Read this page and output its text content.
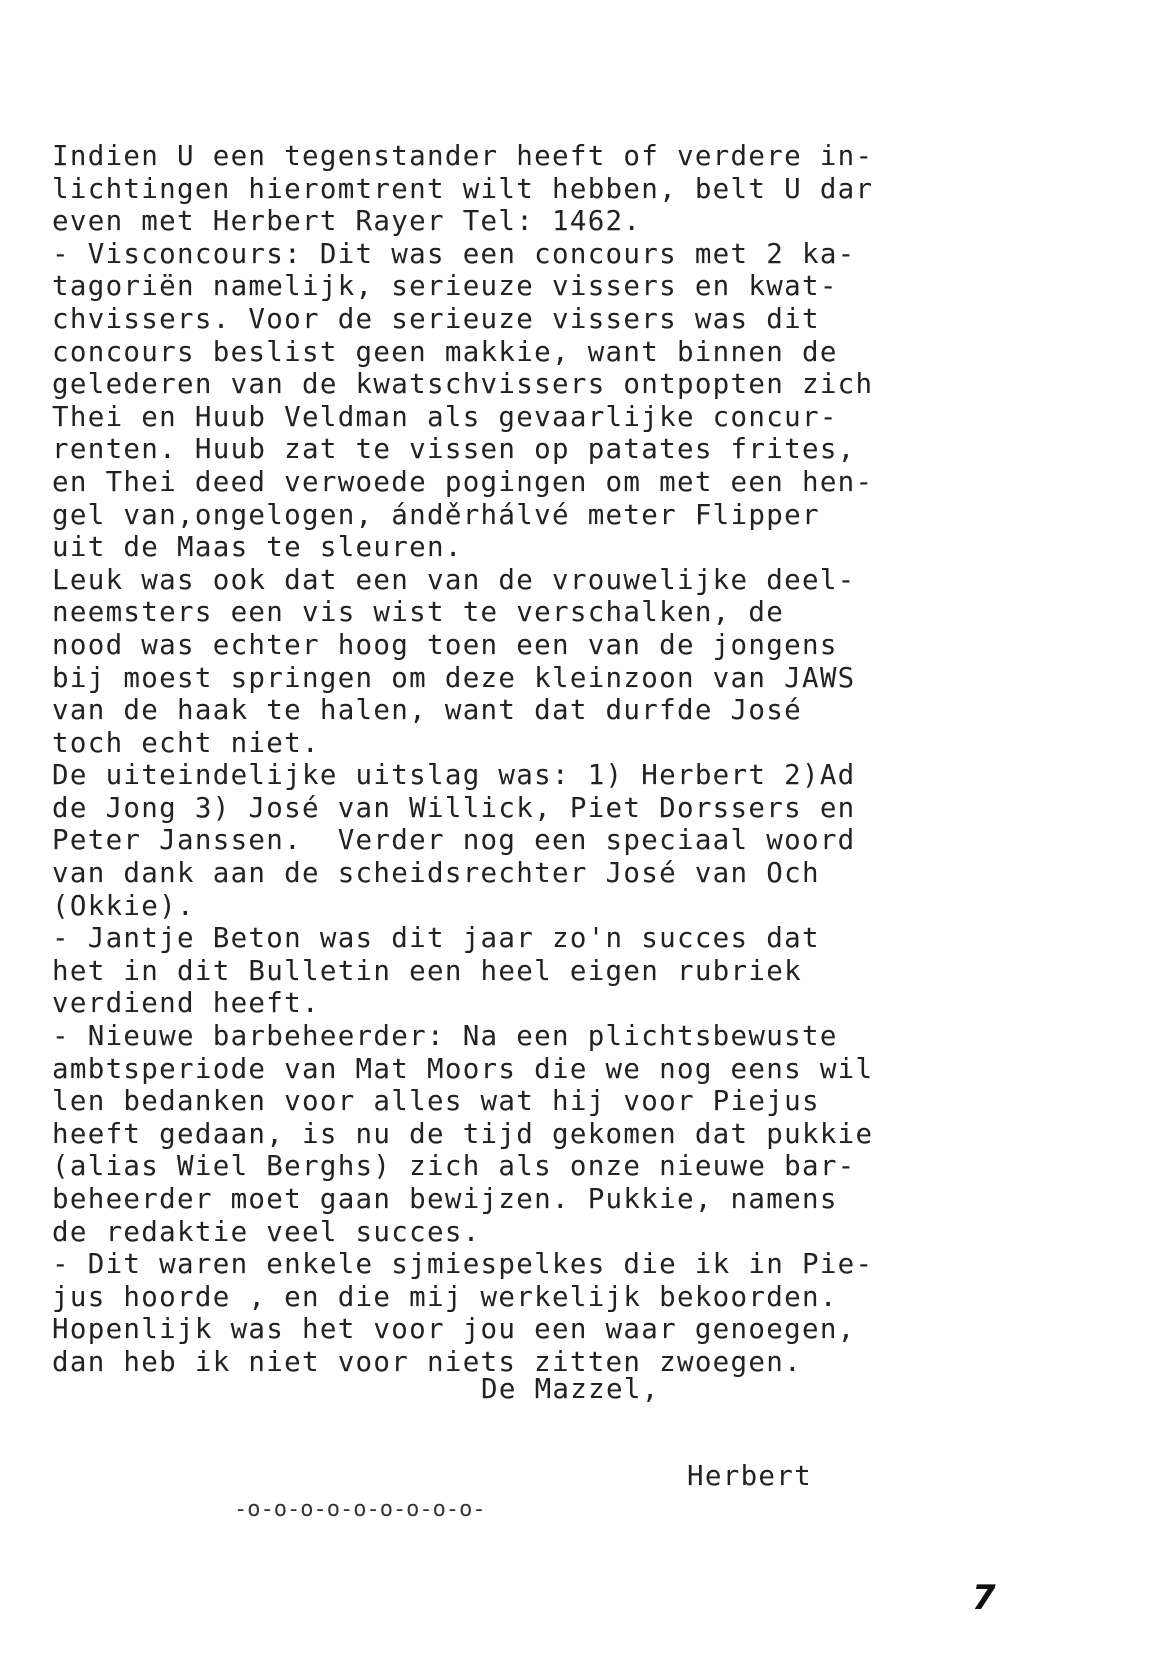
Indien U een tegenstander heeft of verdere in-
lichtingen hieromtrent wilt hebben, belt U dar
even met Herbert Rayer Tel: 1462.
- Visconcours: Dit was een concours met 2 ka-
tagoriën namelijk, serieuze vissers en kwat-
chvissers. Voor de serieuze vissers was dit
concours beslist geen makkie, want binnen de
gelederen van de kwatschvissers ontpopten zich
Thei en Huub Veldman als gevaarlijke concur-
renten. Huub zat te vissen op patates frites,
en Thei deed verwoede pogingen om met een hen-
gel van,ongelogen, ánděrhálvé meter Flipper
uit de Maas te sleuren.
Leuk was ook dat een van de vrouwelijke deel-
neemsters een vis wist te verschalken, de
nood was echter hoog toen een van de jongens
bij moest springen om deze kleinzoon van JAWS
van de haak te halen, want dat durfde José
toch echt niet.
De uiteindelijke uitslag was: 1) Herbert 2)Ad
de Jong 3) José van Willick, Piet Dorssers en
Peter Janssen.  Verder nog een speciaal woord
van dank aan de scheidsrechter José van Och
(Okkie).
- Jantje Beton was dit jaar zo'n succes dat
het in dit Bulletin een heel eigen rubriek
verdiend heeft.
- Nieuwe barbeheerder: Na een plichtsbewuste
ambtsperiode van Mat Moors die we nog eens wil
len bedanken voor alles wat hij voor Piejus
heeft gedaan, is nu de tijd gekomen dat pukkie
(alias Wiel Berghs) zich als onze nieuwe bar-
beheerder moet gaan bewijzen. Pukkie, namens
de redaktie veel succes.
- Dit waren enkele sjmiespelkes die ik in Pie-
jus hoorde , en die mij werkelijk bekoorden.
Hopenlijk was het voor jou een waar genoegen,
dan heb ik niet voor niets zitten zwoegen.
De Mazzel,
Herbert
-o-o-o-o-o-o-o-o-o-
7
